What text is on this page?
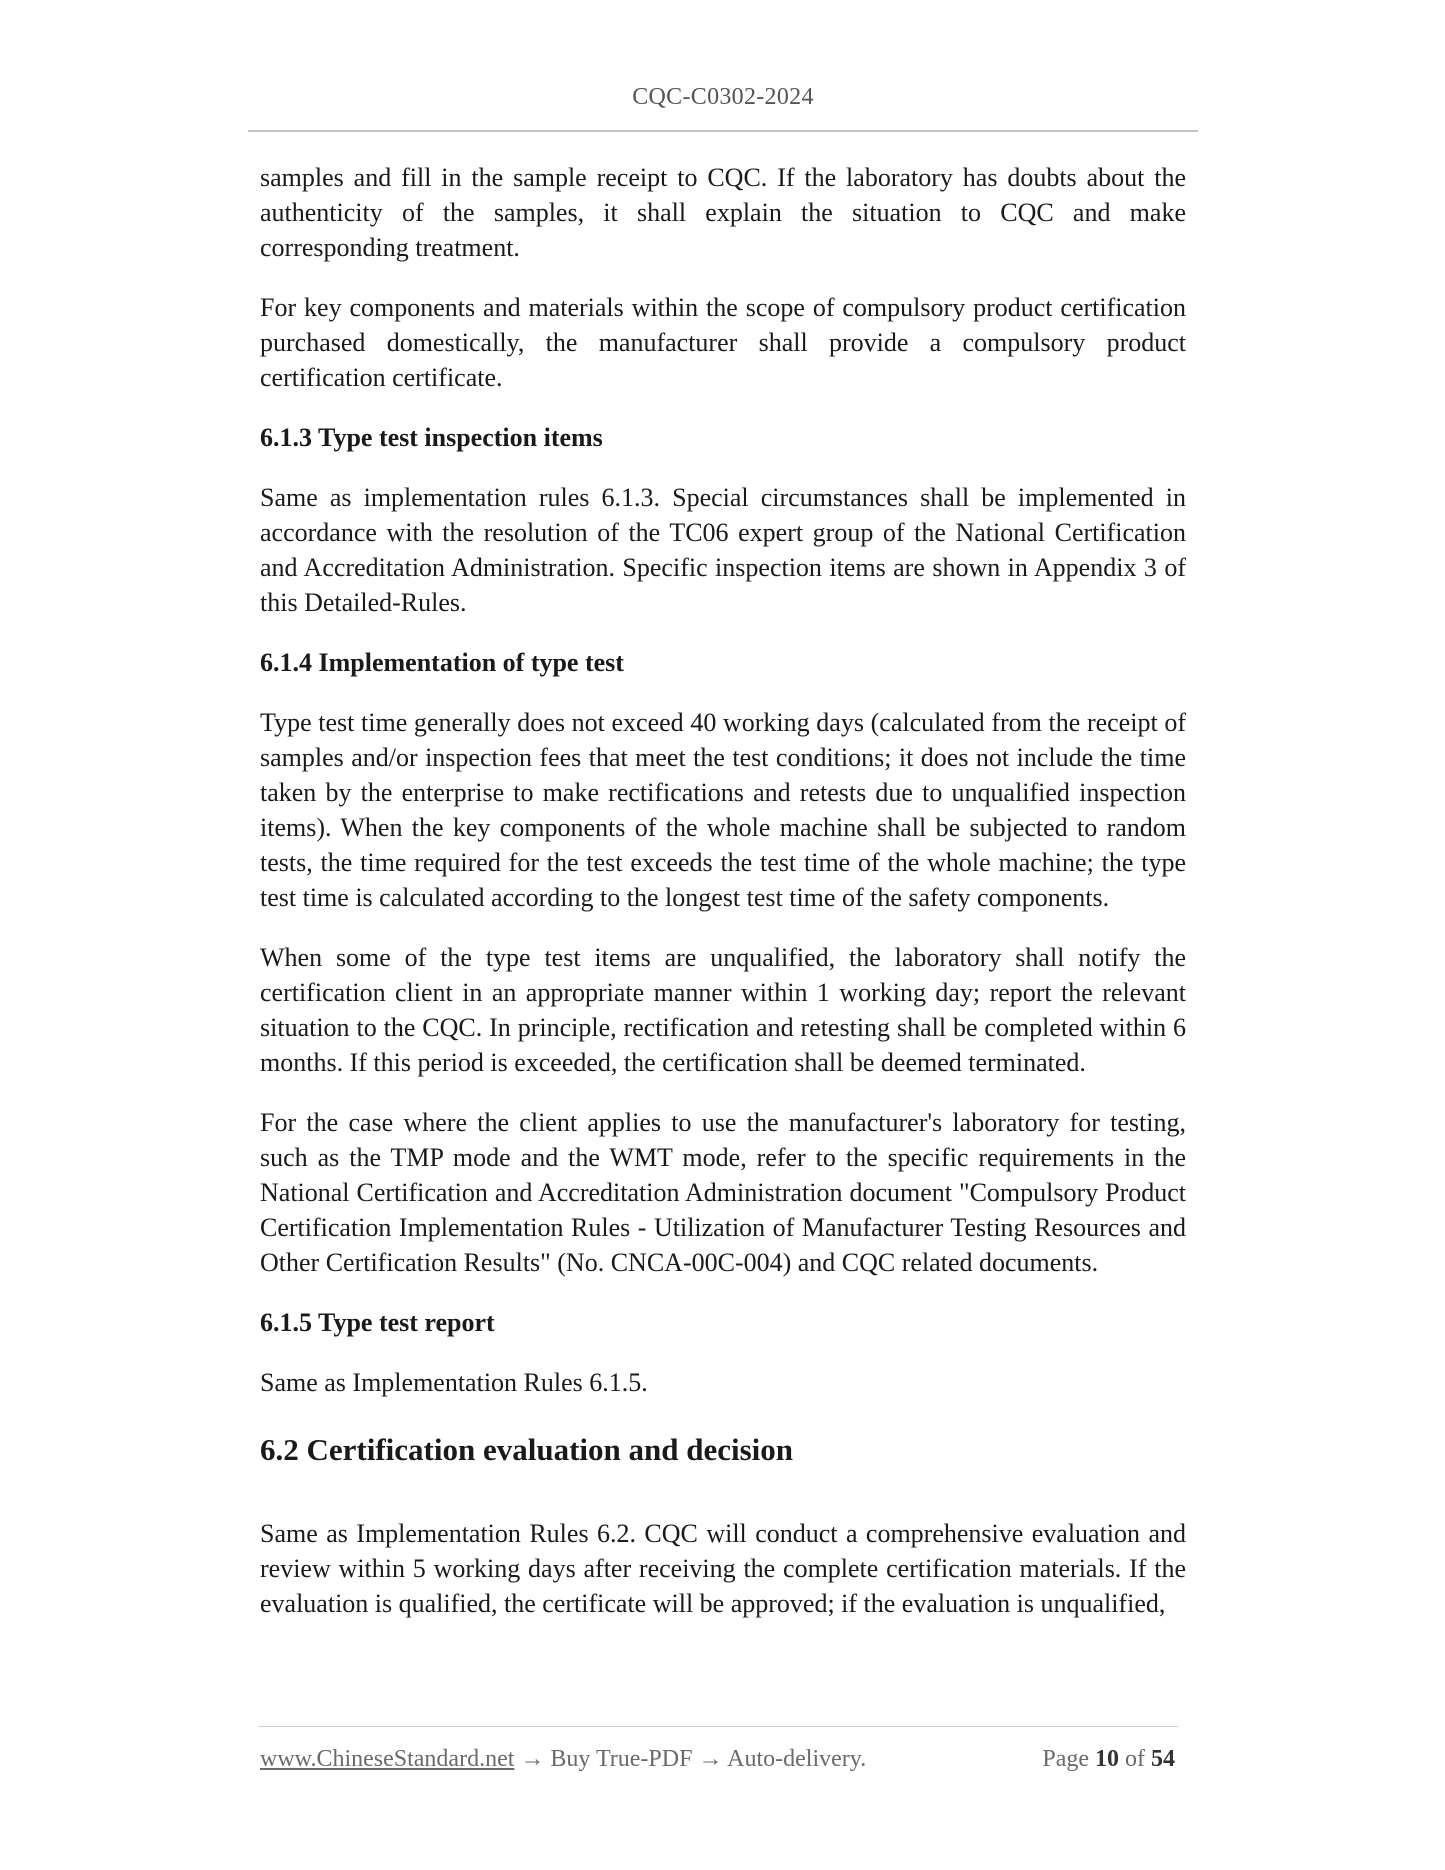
CQC-C0302-2024

samples and fill in the sample receipt to CQC. If the laboratory has doubts about the authenticity of the samples, it shall explain the situation to CQC and make corresponding treatment.

For key components and materials within the scope of compulsory product certification purchased domestically, the manufacturer shall provide a compulsory product certification certificate.

6.1.3 Type test inspection items

Same as implementation rules 6.1.3. Special circumstances shall be implemented in accordance with the resolution of the TC06 expert group of the National Certification and Accreditation Administration. Specific inspection items are shown in Appendix 3 of this Detailed-Rules.

6.1.4 Implementation of type test

Type test time generally does not exceed 40 working days (calculated from the receipt of samples and/or inspection fees that meet the test conditions; it does not include the time taken by the enterprise to make rectifications and retests due to unqualified inspection items). When the key components of the whole machine shall be subjected to random tests, the time required for the test exceeds the test time of the whole machine; the type test time is calculated according to the longest test time of the safety components.

When some of the type test items are unqualified, the laboratory shall notify the certification client in an appropriate manner within 1 working day; report the relevant situation to the CQC. In principle, rectification and retesting shall be completed within 6 months. If this period is exceeded, the certification shall be deemed terminated.

For the case where the client applies to use the manufacturer's laboratory for testing, such as the TMP mode and the WMT mode, refer to the specific requirements in the National Certification and Accreditation Administration document "Compulsory Product Certification Implementation Rules - Utilization of Manufacturer Testing Resources and Other Certification Results" (No. CNCA-00C-004) and CQC related documents.

6.1.5 Type test report

Same as Implementation Rules 6.1.5.

6.2 Certification evaluation and decision

Same as Implementation Rules 6.2. CQC will conduct a comprehensive evaluation and review within 5 working days after receiving the complete certification materials. If the evaluation is qualified, the certificate will be approved; if the evaluation is unqualified,

www.ChineseStandard.net → Buy True-PDF → Auto-delivery.	Page 10 of 54
